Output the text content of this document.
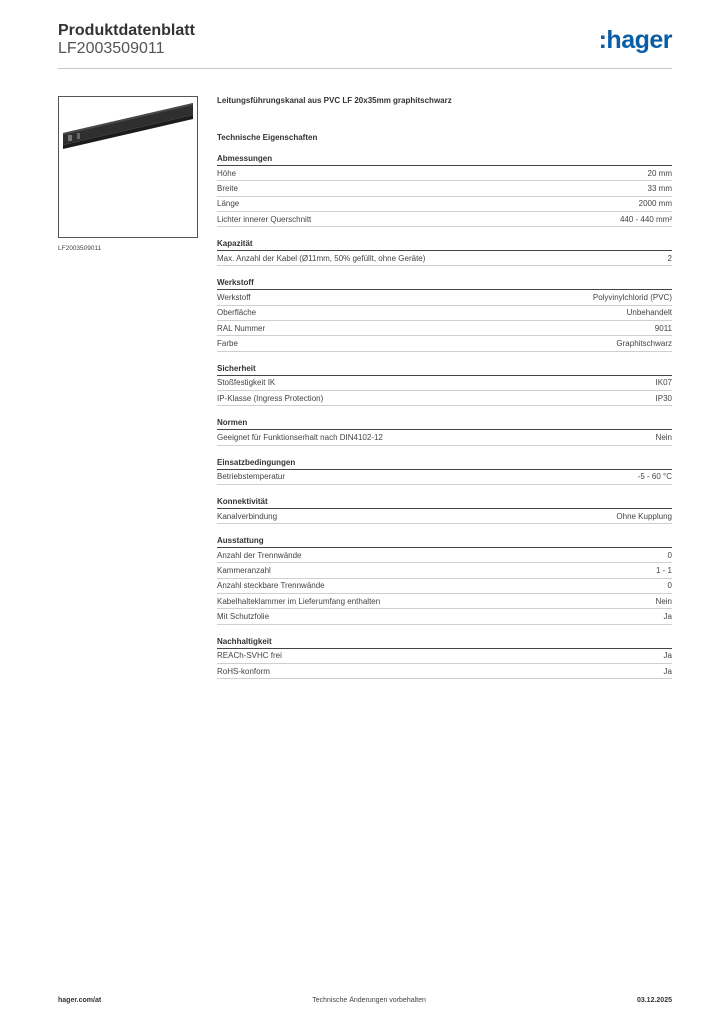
Produktdatenblatt

LF2003509011	:hager
LF2003509011

Leitungsführungskanal aus PVC LF 20x35mm graphitschwarz

Technische Eigenschaften

Abmessungen
Höhe	20 mm
Breite	33 mm
Länge	2000 mm
Lichter innerer Querschnitt	440 - 440 mm²
Kapazität
Max. Anzahl der Kabel (Ø11mm, 50% gefüllt, ohne Geräte)	2
Werkstoff
Werkstoff	Polyvinylchlorid (PVC)
Oberfläche	Unbehandelt
RAL Nummer	9011
Farbe	Graphitschwarz
Sicherheit
Stoßfestigkeit IK	IK07
IP-Klasse (Ingress Protection)	IP30
Normen
Geeignet für Funktionserhalt nach DIN4102-12	Nein
Einsatzbedingungen
Betriebstemperatur	-5 - 60 °C
Konnektivität
Kanalverbindung	Ohne Kupplung
Ausstattung
Anzahl der Trennwände	0
Kammeranzahl	1 - 1
Anzahl steckbare Trennwände	0
Kabelhalteklammer im Lieferumfang enthalten	Nein
Mit Schutzfolie	Ja
Nachhaltigkeit
REACh-SVHC frei	Ja
RoHS-konform	Ja
hager.com/at	Technische Änderungen vorbehalten	03.12.2025
